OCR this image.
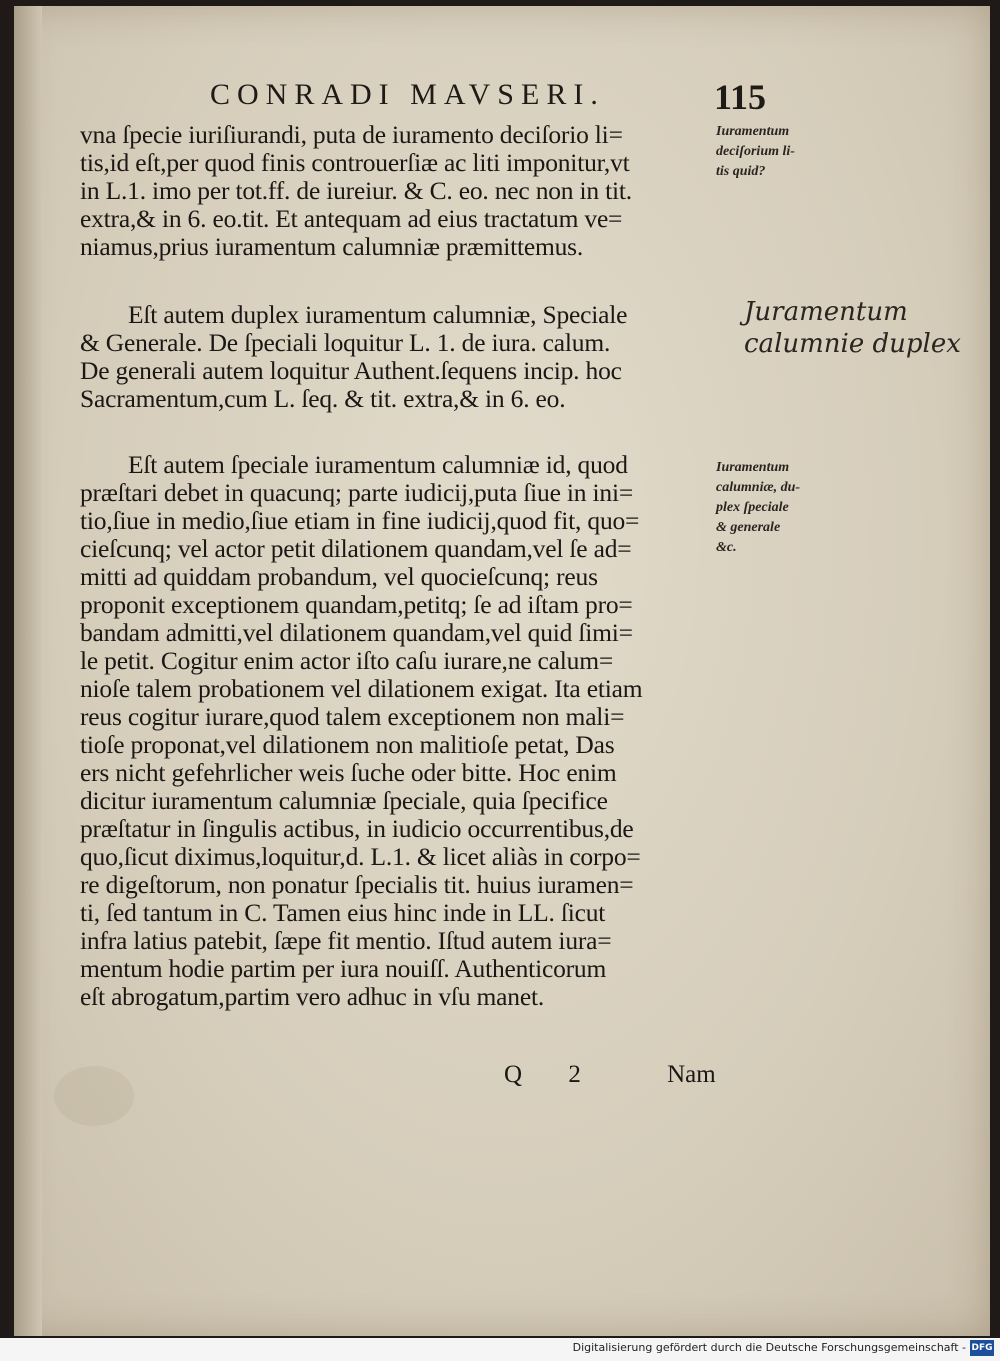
CONRADI MAVSERI.	115
vna ſpecie iuriſiurandi, puta de iuramento deciſorio li=
tis,id eſt,per quod finis controuerſiæ ac liti imponitur,vt
in L.1. imo per tot.ff. de iureiur. & C. eo. nec non in tit.
extra,& in 6. eo.tit. Et antequam ad eius tractatum ve=
niamus,prius iuramentum calumniæ præmittemus.
Eſt autem duplex iuramentum calumniæ, Speciale
& Generale. De ſpeciali loquitur L. 1. de iura. calum.
De generali autem loquitur Authent.ſequens incip. hoc
Sacramentum,cum L. ſeq. & tit. extra,& in 6. eo.
Eſt autem ſpeciale iuramentum calumniæ id, quod
præſtari debet in quacunq; parte iudicij,puta ſiue in ini=
tio,ſiue in medio,ſiue etiam in fine iudicij,quod fit, quo=
cieſcunq; vel actor petit dilationem quandam,vel ſe ad=
mitti ad quiddam probandum, vel quocieſcunq; reus
proponit exceptionem quandam,petitq; ſe ad iſtam pro=
bandam admitti,vel dilationem quandam,vel quid ſimi=
le petit. Cogitur enim actor iſto caſu iurare,ne calum=
nioſe talem probationem vel dilationem exigat. Ita etiam
reus cogitur iurare,quod talem exceptionem non mali=
tioſe proponat,vel dilationem non malitioſe petat, Das
ers nicht gefehrlicher weis ſuche oder bitte. Hoc enim
dicitur iuramentum calumniæ ſpeciale, quia ſpecifice
præſtatur in ſingulis actibus, in iudicio occurrentibus,de
quo,ſicut diximus,loquitur,d. L.1. & licet aliàs in corpo=
re digeſtorum, non ponatur ſpecialis tit. huius iuramen=
ti, ſed tantum in C. Tamen eius hinc inde in LL. ſicut
infra latius patebit, ſæpe fit mentio. Iſtud autem iura=
mentum hodie partim per iura nouiſſ. Authenticorum
eſt abrogatum,partim vero adhuc in vſu manet.
Q 2	Nam
Iuramentum
deciſorium li-
tis quid?
Juramentum
calumnie duplex
Iuramentum
calumniæ, du-
plex ſpeciale
& generale
&c.
Digitalisierung gefördert durch die Deutsche Forschungsgemeinschaft - DFG
